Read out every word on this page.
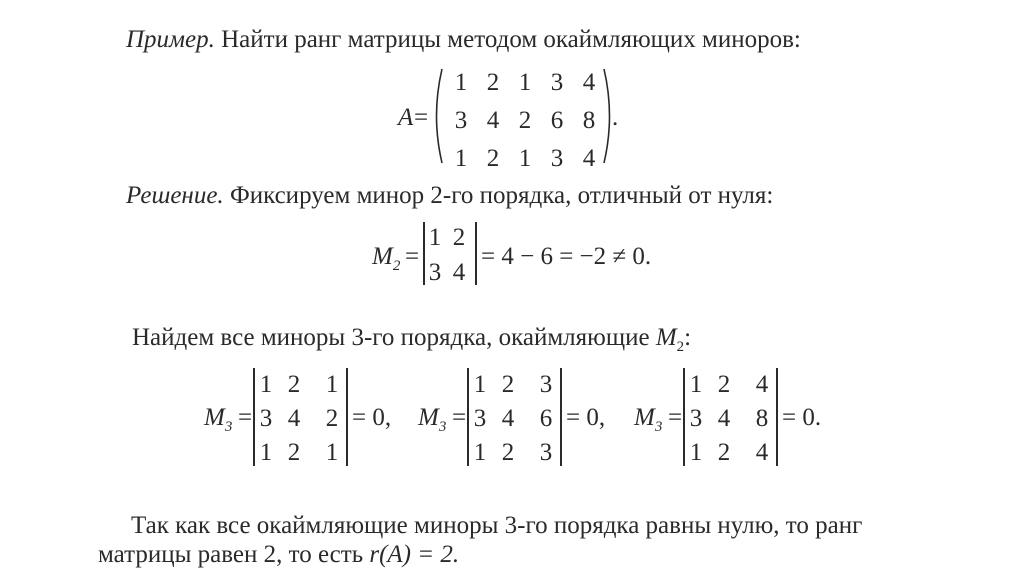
Пример. Найти ранг матрицы методом окаймляющих миноров:
A =
1 2 1 3 4
3 4 2 6 8
1 2 1 3 4
.
Решение. Фиксируем минор 2-го порядка, отличный от нуля:
$M_2$ =
1 2
3 4
= 4 − 6 = −2 ≠ 0.
Найдем все миноры 3-го порядка, окаймляющие $M_2$:
$M_3$ =
1 2	1
3 4	2
1 2	1
= 0, $M_3$ =
1 2	3
3 4	6
1 2	3
= 0, $M_3$ =
1 2	4
3 4	8
1 2	4
= 0.
Так как все окаймляющие миноры 3-го порядка равны нулю, то ранг
матрицы равен 2, то есть r(A) = 2.
